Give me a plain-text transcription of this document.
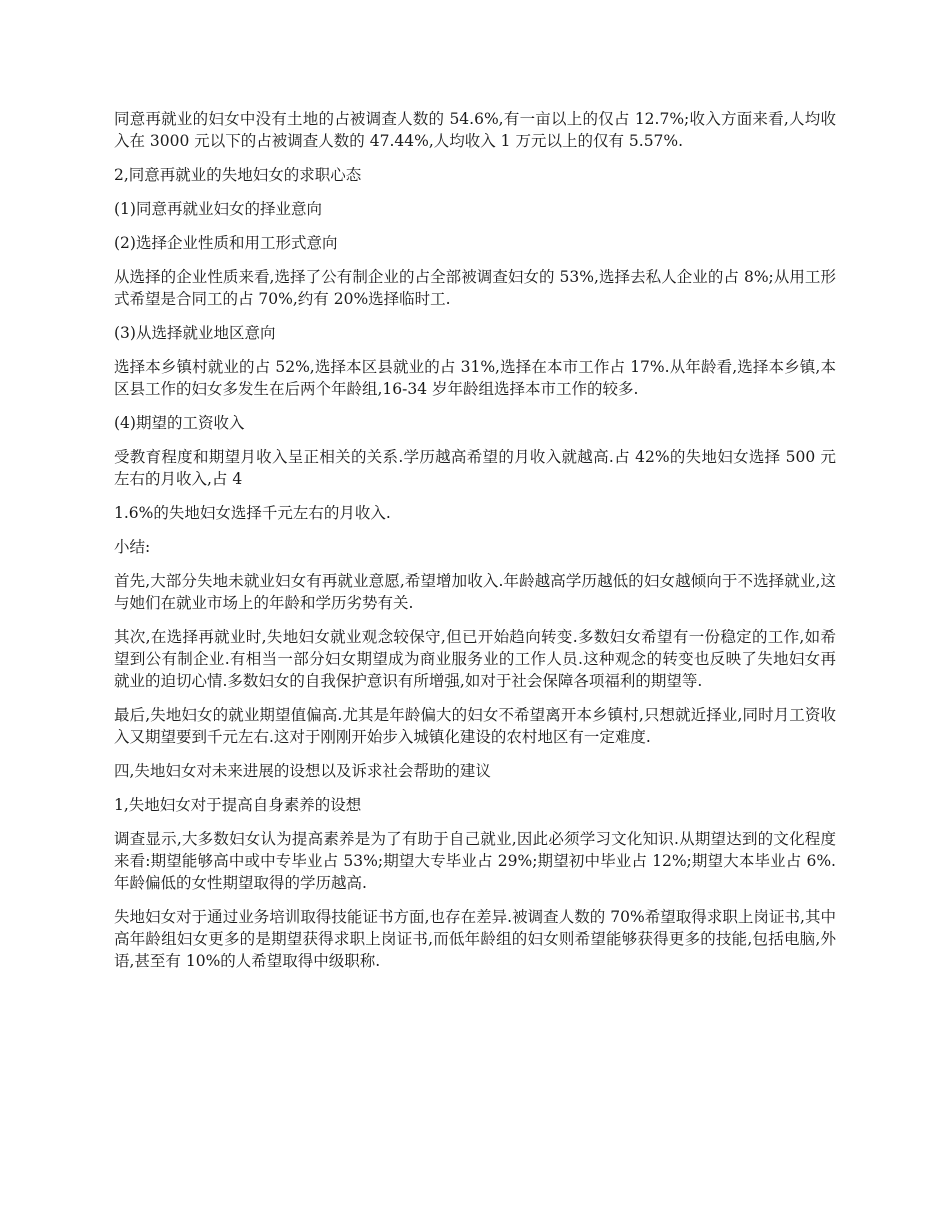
同意再就业的妇女中没有土地的占被调查人数的 54.6%,有一亩以上的仅占 12.7%;收入方面来看,人均收入在 3000 元以下的占被调查人数的 47.44%,人均收入 1 万元以上的仅有 5.57%.

2,同意再就业的失地妇女的求职心态

(1)同意再就业妇女的择业意向

(2)选择企业性质和用工形式意向

从选择的企业性质来看,选择了公有制企业的占全部被调查妇女的 53%,选择去私人企业的占 8%;从用工形式希望是合同工的占 70%,约有 20%选择临时工.

(3)从选择就业地区意向

选择本乡镇村就业的占 52%,选择本区县就业的占 31%,选择在本市工作占 17%.从年龄看,选择本乡镇,本区县工作的妇女多发生在后两个年龄组,16-34 岁年龄组选择本市工作的较多.

(4)期望的工资收入

受教育程度和期望月收入呈正相关的关系.学历越高希望的月收入就越高.占 42%的失地妇女选择 500 元左右的月收入,占 4

1.6%的失地妇女选择千元左右的月收入.

小结:

首先,大部分失地未就业妇女有再就业意愿,希望增加收入.年龄越高学历越低的妇女越倾向于不选择就业,这与她们在就业市场上的年龄和学历劣势有关.

其次,在选择再就业时,失地妇女就业观念较保守,但已开始趋向转变.多数妇女希望有一份稳定的工作,如希望到公有制企业.有相当一部分妇女期望成为商业服务业的工作人员.这种观念的转变也反映了失地妇女再就业的迫切心情.多数妇女的自我保护意识有所增强,如对于社会保障各项福利的期望等.

最后,失地妇女的就业期望值偏高.尤其是年龄偏大的妇女不希望离开本乡镇村,只想就近择业,同时月工资收入又期望要到千元左右.这对于刚刚开始步入城镇化建设的农村地区有一定难度.

四,失地妇女对未来进展的设想以及诉求社会帮助的建议

1,失地妇女对于提高自身素养的设想

调查显示,大多数妇女认为提高素养是为了有助于自己就业,因此必须学习文化知识.从期望达到的文化程度来看:期望能够高中或中专毕业占 53%;期望大专毕业占 29%;期望初中毕业占 12%;期望大本毕业占 6%.年龄偏低的女性期望取得的学历越高.

失地妇女对于通过业务培训取得技能证书方面,也存在差异.被调查人数的 70%希望取得求职上岗证书,其中高年龄组妇女更多的是期望获得求职上岗证书,而低年龄组的妇女则希望能够获得更多的技能,包括电脑,外语,甚至有 10%的人希望取得中级职称.
